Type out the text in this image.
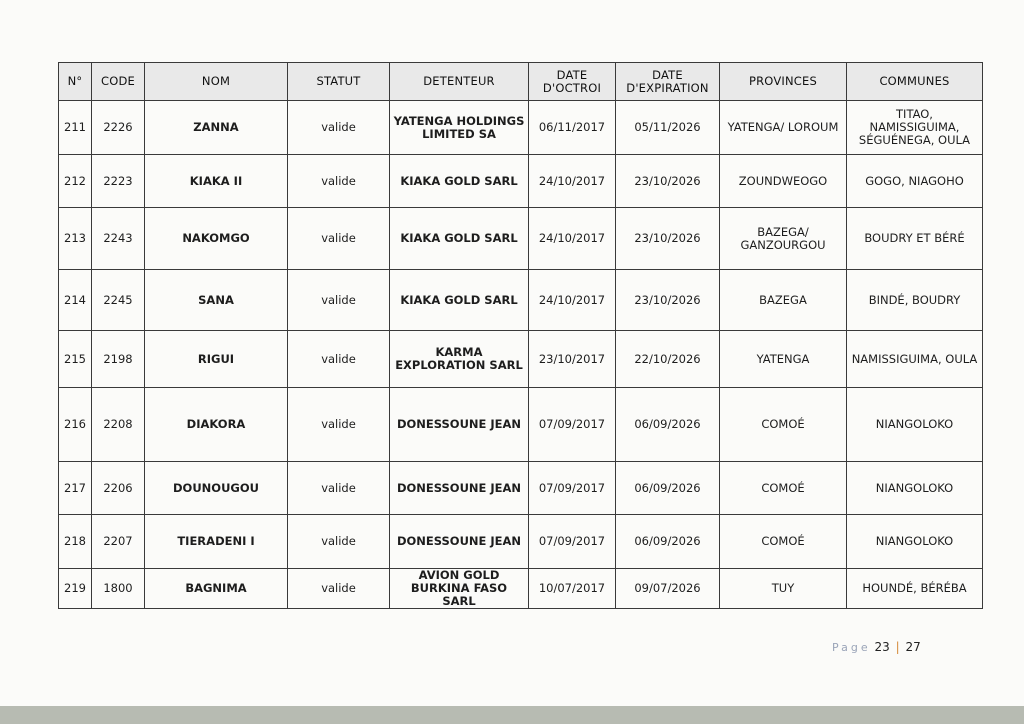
N°	CODE	NOM	STATUT	DETENTEUR	DATE D'OCTROI	DATE D'EXPIRATION	PROVINCES	COMMUNES
211	2226	ZANNA	valide	YATENGA HOLDINGS LIMITED SA	06/11/2017	05/11/2026	YATENGA/ LOROUM	TITAO, NAMISSIGUIMA, SÉGUÉNEGA, OULA
212	2223	KIAKA II	valide	KIAKA GOLD SARL	24/10/2017	23/10/2026	ZOUNDWEOGO	GOGO, NIAGOHO
213	2243	NAKOMGO	valide	KIAKA GOLD SARL	24/10/2017	23/10/2026	BAZEGA/ GANZOURGOU	BOUDRY ET BÉRÉ
214	2245	SANA	valide	KIAKA GOLD SARL	24/10/2017	23/10/2026	BAZEGA	BINDÉ, BOUDRY
215	2198	RIGUI	valide	KARMA EXPLORATION SARL	23/10/2017	22/10/2026	YATENGA	NAMISSIGUIMA, OULA
216	2208	DIAKORA	valide	DONESSOUNE JEAN	07/09/2017	06/09/2026	COMOÉ	NIANGOLOKO
217	2206	DOUNOUGOU	valide	DONESSOUNE JEAN	07/09/2017	06/09/2026	COMOÉ	NIANGOLOKO
218	2207	TIERADENI I	valide	DONESSOUNE JEAN	07/09/2017	06/09/2026	COMOÉ	NIANGOLOKO
219	1800	BAGNIMA	valide	AVION GOLD BURKINA FASO SARL	10/07/2017	09/07/2026	TUY	HOUNDÉ, BÉRÉBA
Page 23 | 27
